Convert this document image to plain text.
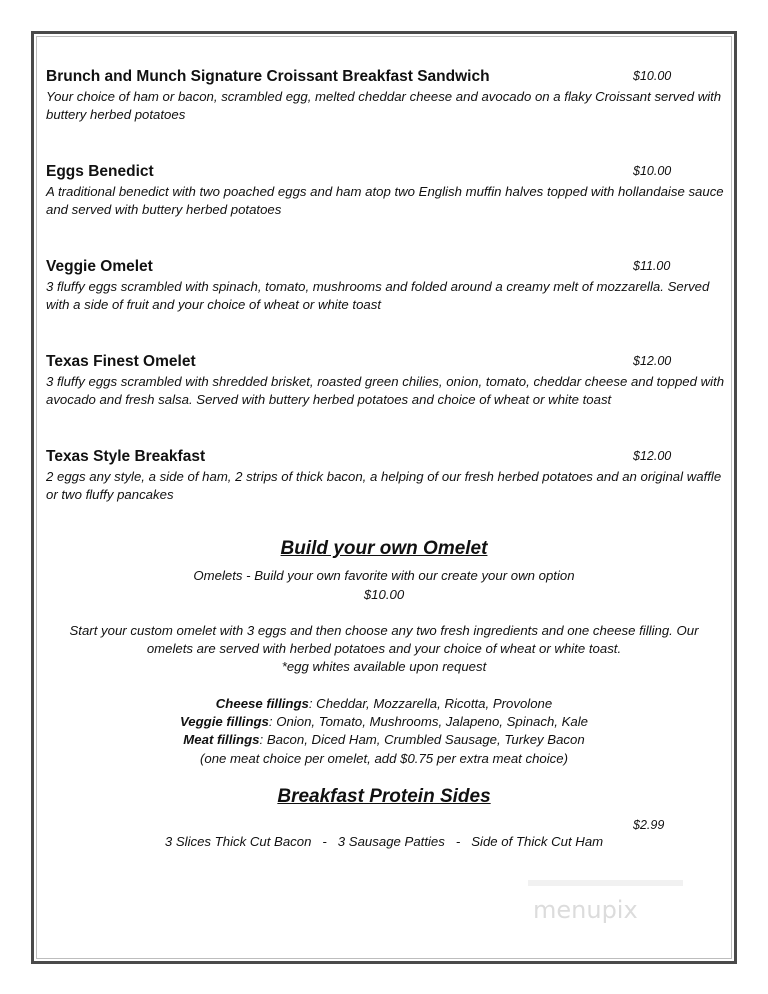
Brunch and Munch Signature Croissant Breakfast Sandwich	$10.00
Your choice of ham or bacon, scrambled egg, melted cheddar cheese and avocado on a flaky Croissant served with buttery herbed potatoes
Eggs Benedict	$10.00
A traditional benedict with two poached eggs and ham atop two English muffin halves topped with hollandaise sauce and served with buttery herbed potatoes
Veggie Omelet	$11.00
3 fluffy eggs scrambled with spinach, tomato, mushrooms and folded around a creamy melt of mozzarella. Served with a side of fruit and your choice of wheat or white toast
Texas Finest Omelet	$12.00
3 fluffy eggs scrambled with shredded brisket, roasted green chilies, onion, tomato, cheddar cheese and topped with avocado and fresh salsa. Served with buttery herbed potatoes and choice of wheat or white toast
Texas Style Breakfast	$12.00
2 eggs any style, a side of ham, 2 strips of thick bacon, a helping of our fresh herbed potatoes and an original waffle or two fluffy pancakes
Build your own Omelet
Omelets - Build your own favorite with our create your own option
$10.00
Start your custom omelet with 3 eggs and then choose any two fresh ingredients and one cheese filling. Our
omelets are served with herbed potatoes and your choice of wheat or white toast.
*egg whites available upon request
Cheese fillings: Cheddar, Mozzarella, Ricotta, Provolone
Veggie fillings: Onion, Tomato, Mushrooms, Jalapeno, Spinach, Kale
Meat fillings: Bacon, Diced Ham, Crumbled Sausage, Turkey Bacon
(one meat choice per omelet, add $0.75 per extra meat choice)
Breakfast Protein Sides
$2.99
3 Slices Thick Cut Bacon   -   3 Sausage Patties   -   Side of Thick Cut Ham
menupix
